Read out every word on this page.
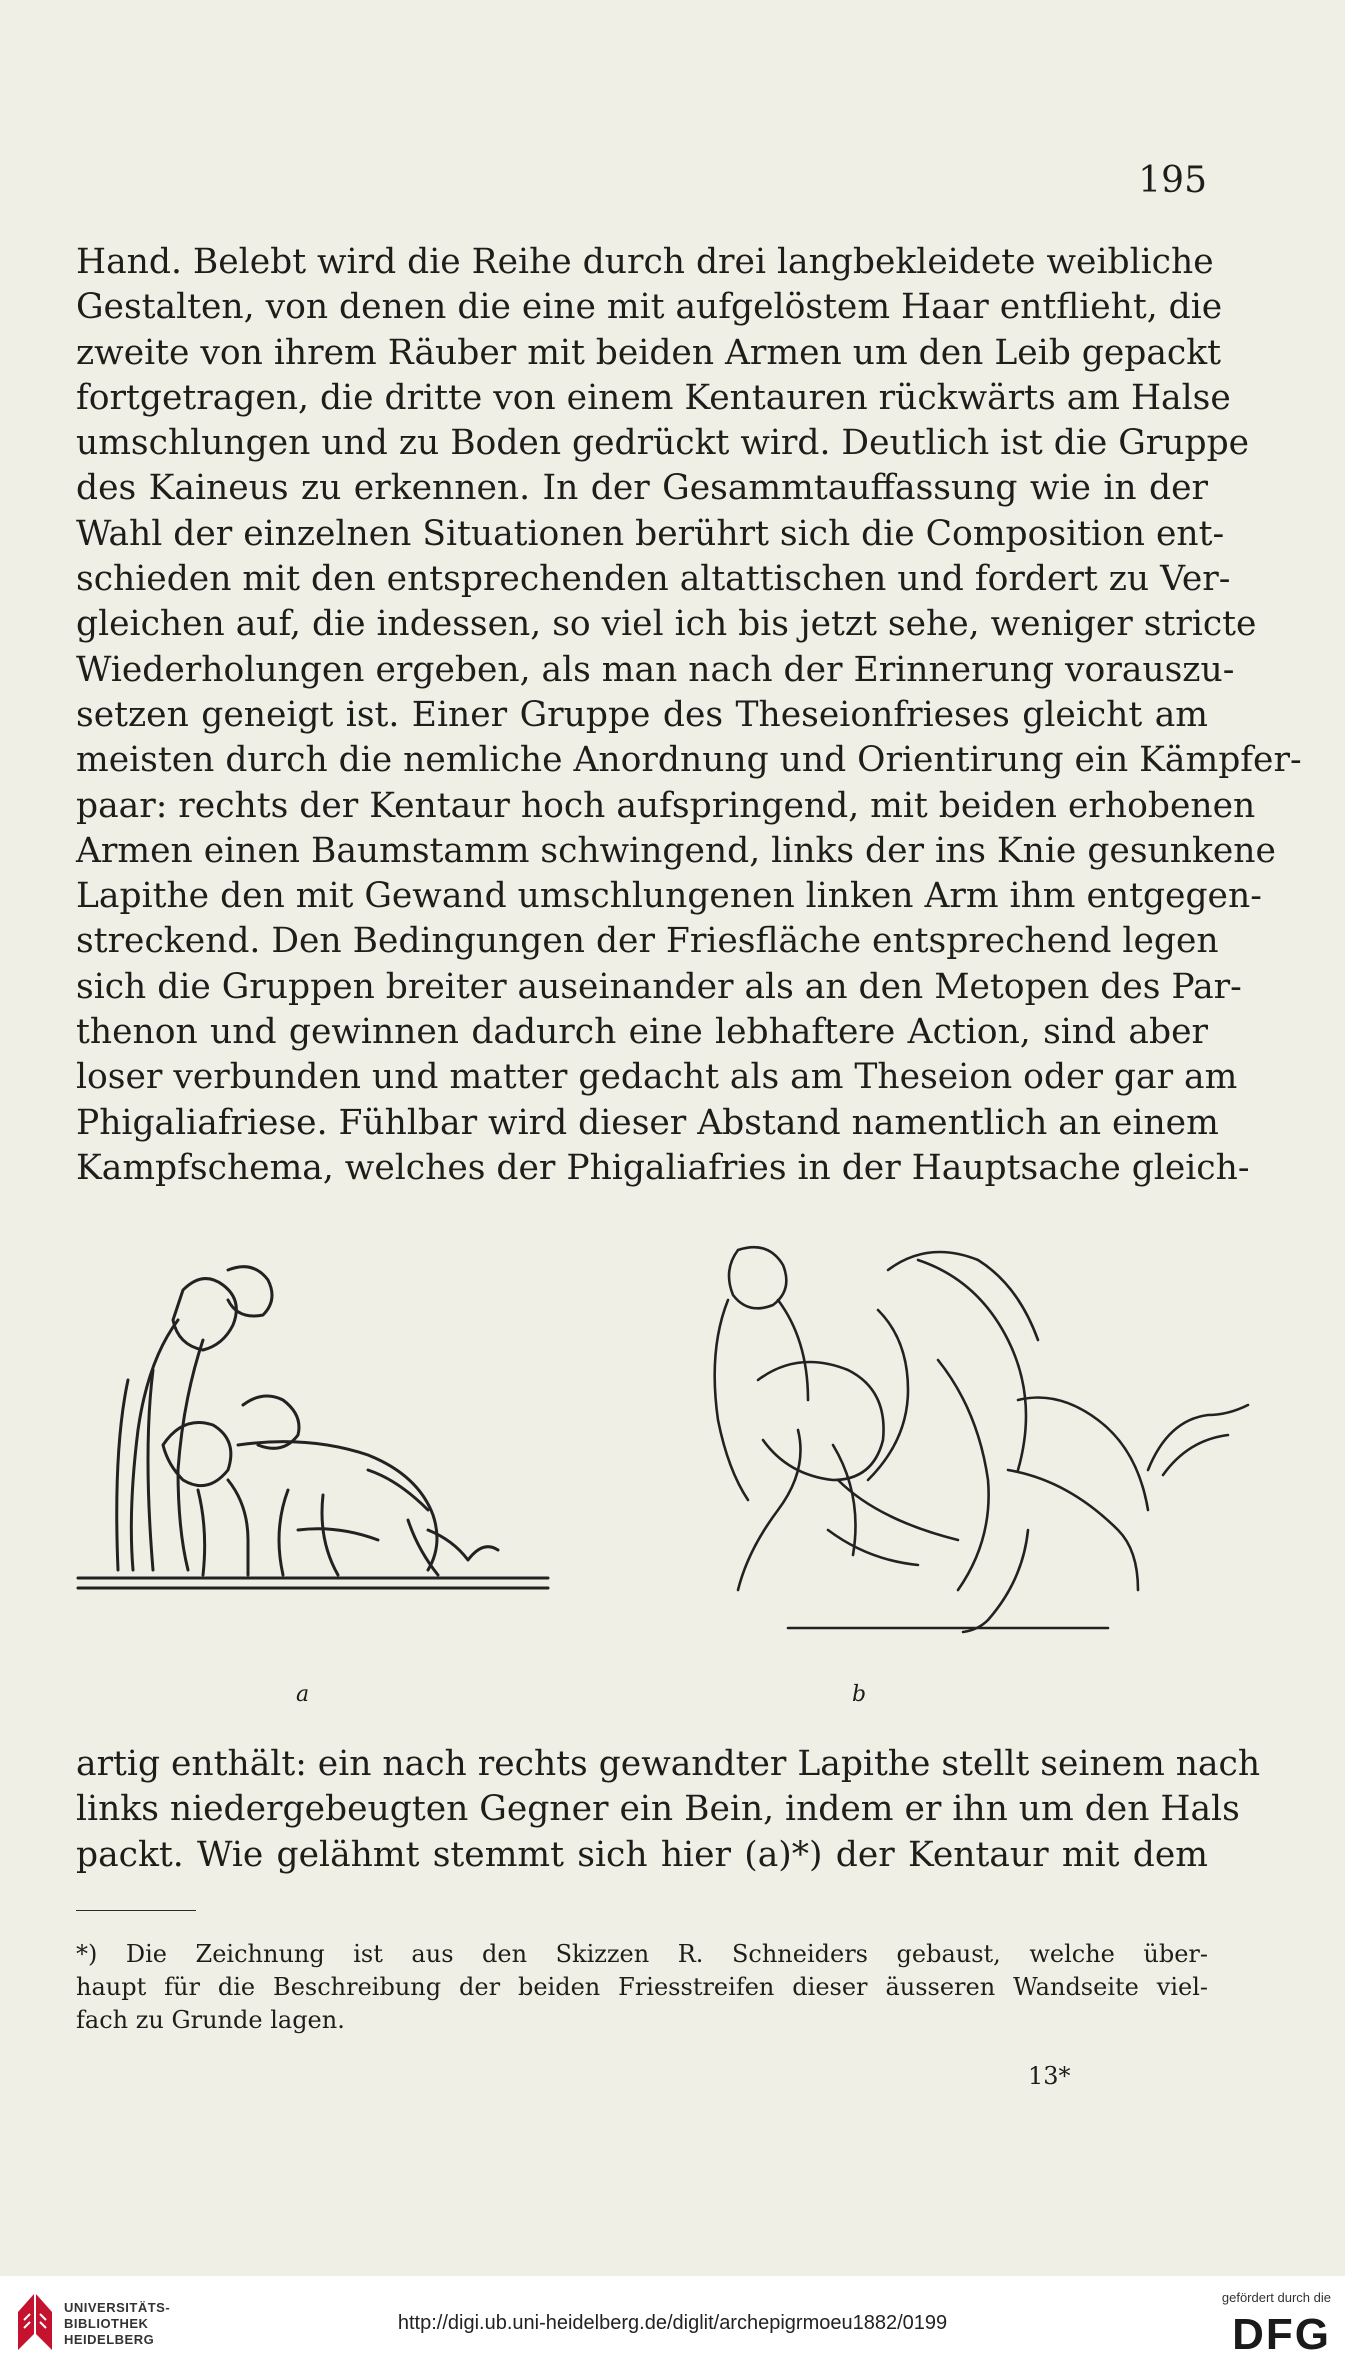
195
Hand. Belebt wird die Reihe durch drei langbekleidete weibliche
Gestalten, von denen die eine mit aufgelöstem Haar entflieht, die
zweite von ihrem Räuber mit beiden Armen um den Leib gepackt
fortgetragen, die dritte von einem Kentauren rückwärts am Halse
umschlungen und zu Boden gedrückt wird. Deutlich ist die Gruppe
des Kaineus zu erkennen. In der Gesammtauffassung wie in der
Wahl der einzelnen Situationen berührt sich die Composition ent-
schieden mit den entsprechenden altattischen und fordert zu Ver-
gleichen auf, die indessen, so viel ich bis jetzt sehe, weniger stricte
Wiederholungen ergeben, als man nach der Erinnerung vorauszu-
setzen geneigt ist. Einer Gruppe des Theseionfrieses gleicht am
meisten durch die nemliche Anordnung und Orientirung ein Kämpfer-
paar: rechts der Kentaur hoch aufspringend, mit beiden erhobenen
Armen einen Baumstamm schwingend, links der ins Knie gesunkene
Lapithe den mit Gewand umschlungenen linken Arm ihm entgegen-
streckend. Den Bedingungen der Friesfläche entsprechend legen
sich die Gruppen breiter auseinander als an den Metopen des Par-
thenon und gewinnen dadurch eine lebhaftere Action, sind aber
loser verbunden und matter gedacht als am Theseion oder gar am
Phigaliafriese. Fühlbar wird dieser Abstand namentlich an einem
Kampfschema, welches der Phigaliafries in der Hauptsache gleich-
a	b
artig enthält: ein nach rechts gewandter Lapithe stellt seinem nach
links niedergebeugten Gegner ein Bein, indem er ihn um den Hals
packt. Wie gelähmt stemmt sich hier (a)*) der Kentaur mit dem
*) Die Zeichnung ist aus den Skizzen R. Schneiders gebaust, welche über-
haupt für die Beschreibung der beiden Friesstreifen dieser äusseren Wandseite viel-
fach zu Grunde lagen.
13*
UNIVERSITÄTS-
BIBLIOTHEK
HEIDELBERG
http://digi.ub.uni-heidelberg.de/diglit/archepigrmoeu1882/0199
gefördert durch die
DFG
